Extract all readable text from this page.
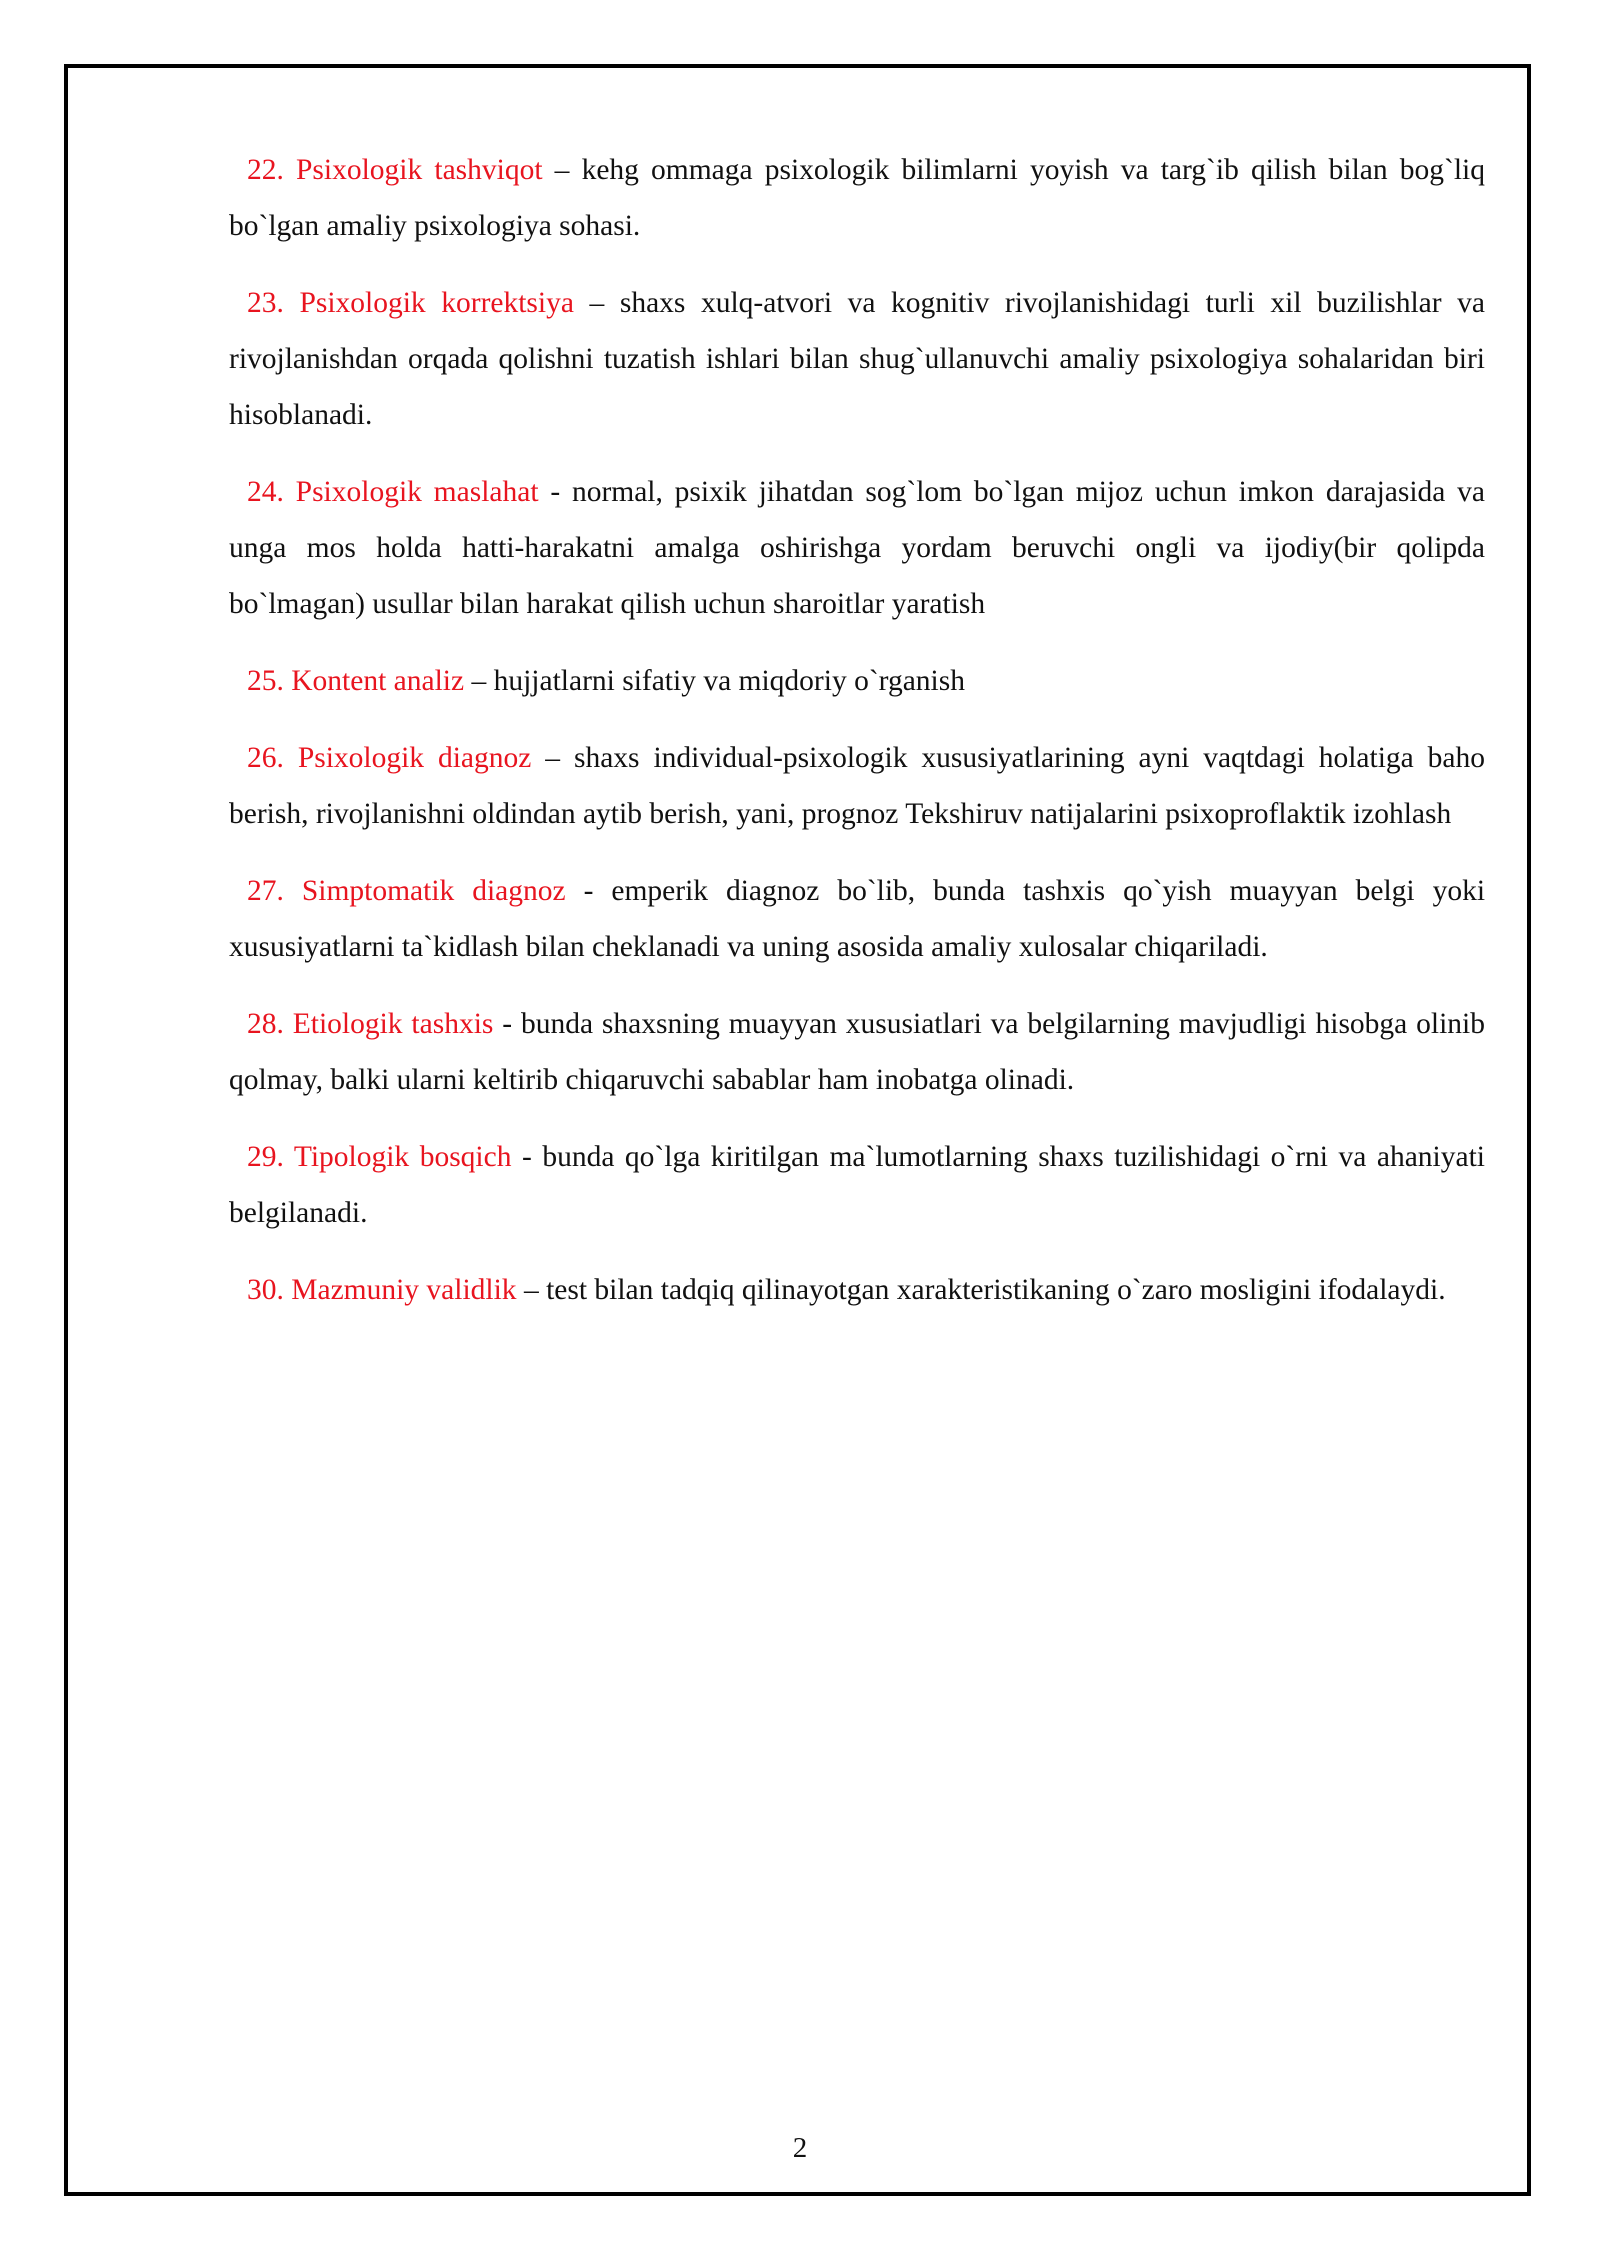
22. Psixologik tashviqot – kehg ommaga psixologik bilimlarni yoyish va targ`ib qilish bilan bog`liq bo`lgan amaliy psixologiya sohasi.

23. Psixologik korrektsiya – shaxs xulq-atvori va kognitiv rivojlanishidagi turli xil buzilishlar va rivojlanishdan orqada qolishni tuzatish ishlari bilan shug`ullanuvchi amaliy psixologiya sohalaridan biri hisoblanadi.

24. Psixologik maslahat - normal, psixik jihatdan sog`lom bo`lgan mijoz uchun imkon darajasida va unga mos holda hatti-harakatni amalga oshirishga yordam beruvchi ongli va ijodiy(bir qolipda bo`lmagan) usullar bilan harakat qilish uchun sharoitlar yaratish

25. Kontent analiz – hujjatlarni sifatiy va miqdoriy o`rganish

26. Psixologik diagnoz – shaxs individual-psixologik xususiyatlarining ayni vaqtdagi holatiga baho berish, rivojlanishni oldindan aytib berish, yani, prognoz Tekshiruv natijalarini psixoproflaktik izohlash

27. Simptomatik diagnoz - emperik diagnoz bo`lib, bunda tashxis qo`yish muayyan belgi yoki xususiyatlarni ta`kidlash bilan cheklanadi va uning asosida amaliy xulosalar chiqariladi.

28. Etiologik tashxis - bunda shaxsning muayyan xususiatlari va belgilarning mavjudligi hisobga olinib qolmay, balki ularni keltirib chiqaruvchi sabablar ham inobatga olinadi.

29. Tipologik bosqich - bunda qo`lga kiritilgan ma`lumotlarning shaxs tuzilishidagi o`rni va ahaniyati belgilanadi.

30. Mazmuniy validlik – test bilan tadqiq qilinayotgan xarakteristikaning o`zaro mosligini ifodalaydi.

2
